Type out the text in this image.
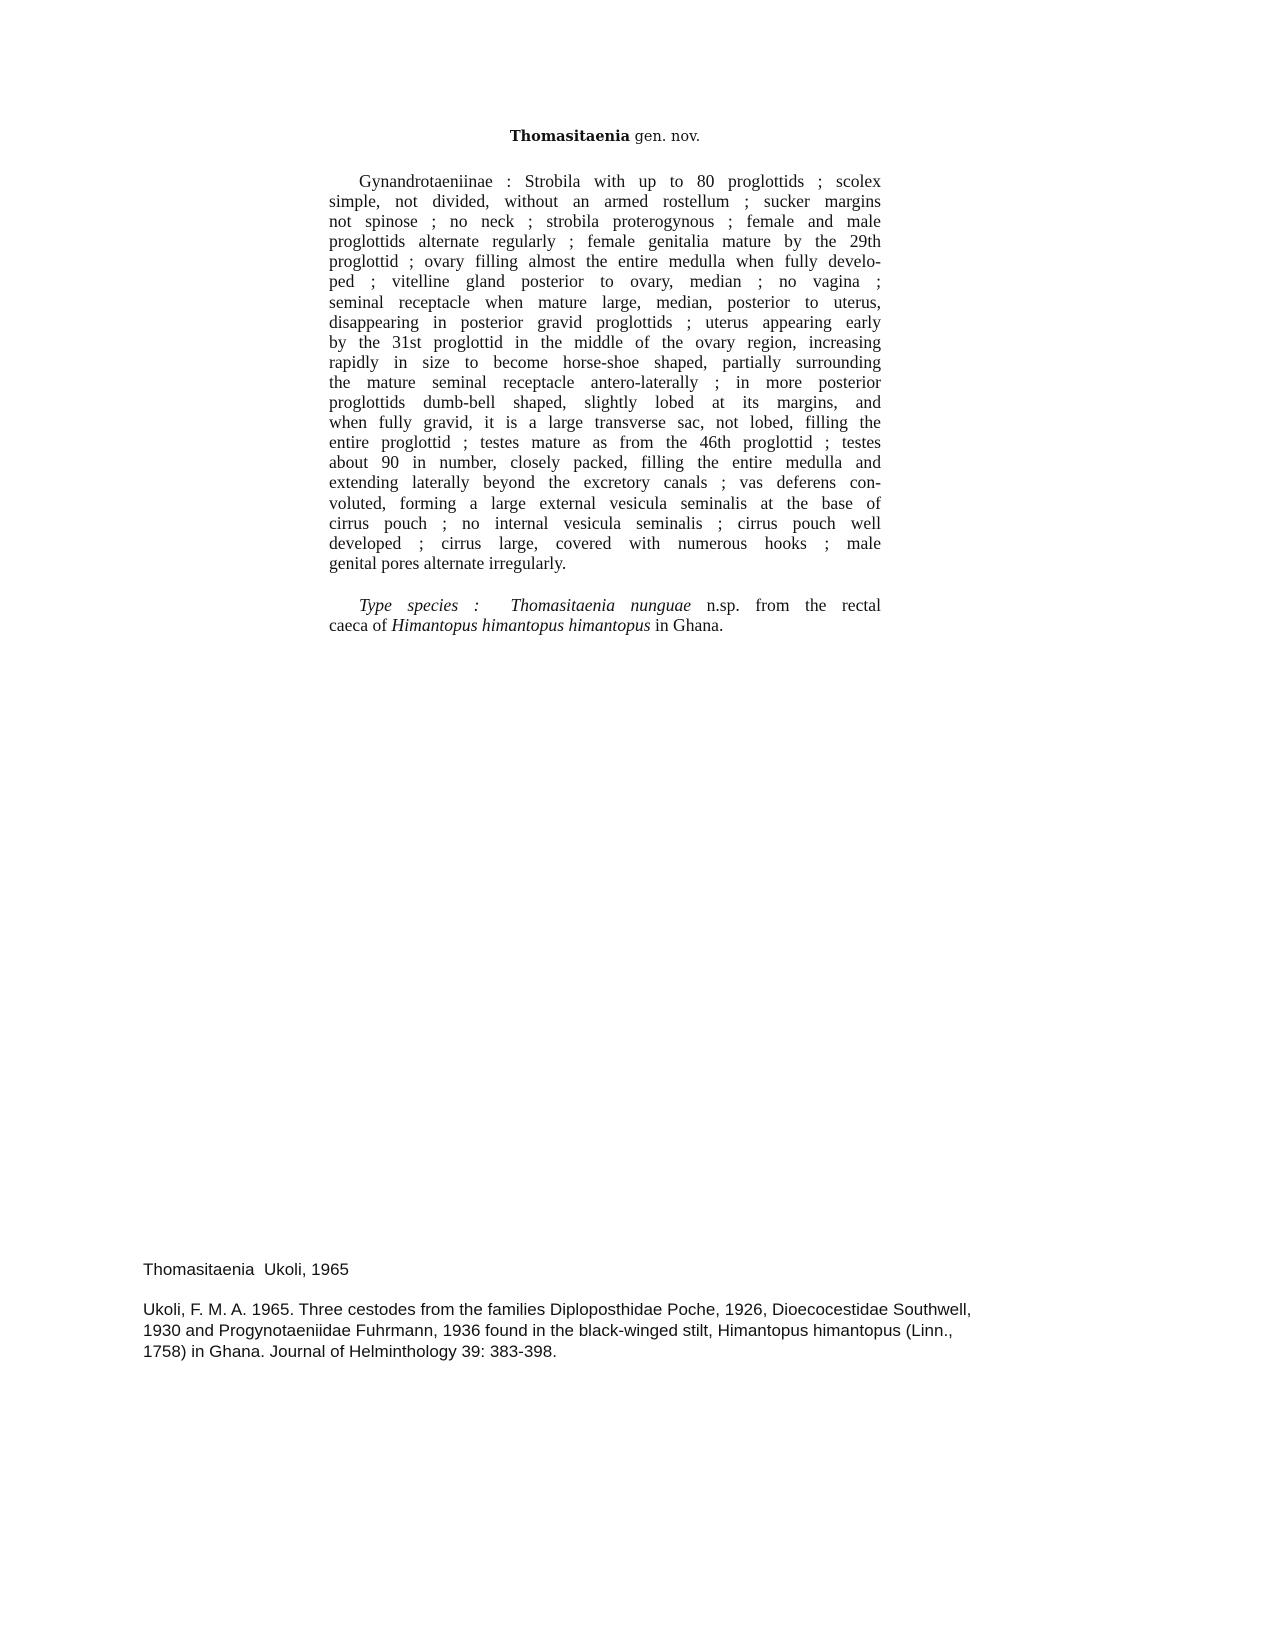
Thomasitaenia gen. nov.
Gynandrotaeniinae : Strobila with up to 80 proglottids ; scolex
simple, not divided, without an armed rostellum ; sucker margins
not spinose ; no neck ; strobila proterogynous ; female and male
proglottids alternate regularly ; female genitalia mature by the 29th
proglottid ; ovary filling almost the entire medulla when fully develo-
ped ; vitelline gland posterior to ovary, median ; no vagina ;
seminal receptacle when mature large, median, posterior to uterus,
disappearing in posterior gravid proglottids ; uterus appearing early
by the 31st proglottid in the middle of the ovary region, increasing
rapidly in size to become horse-shoe shaped, partially surrounding
the mature seminal receptacle antero-laterally ; in more posterior
proglottids dumb-bell shaped, slightly lobed at its margins, and
when fully gravid, it is a large transverse sac, not lobed, filling the
entire proglottid ; testes mature as from the 46th proglottid ; testes
about 90 in number, closely packed, filling the entire medulla and
extending laterally beyond the excretory canals ; vas deferens con-
voluted, forming a large external vesicula seminalis at the base of
cirrus pouch ; no internal vesicula seminalis ; cirrus pouch well
developed ; cirrus large, covered with numerous hooks ; male
genital pores alternate irregularly.
Type species : Thomasitaenia nunguae n.sp. from the rectal
caeca of Himantopus himantopus himantopus in Ghana.
Thomasitaenia  Ukoli, 1965
Ukoli, F. M. A. 1965. Three cestodes from the families Diploposthidae Poche, 1926, Dioecocestidae Southwell,
1930 and Progynotaeniidae Fuhrmann, 1936 found in the black-winged stilt, Himantopus himantopus (Linn.,
1758) in Ghana. Journal of Helminthology 39: 383-398.
